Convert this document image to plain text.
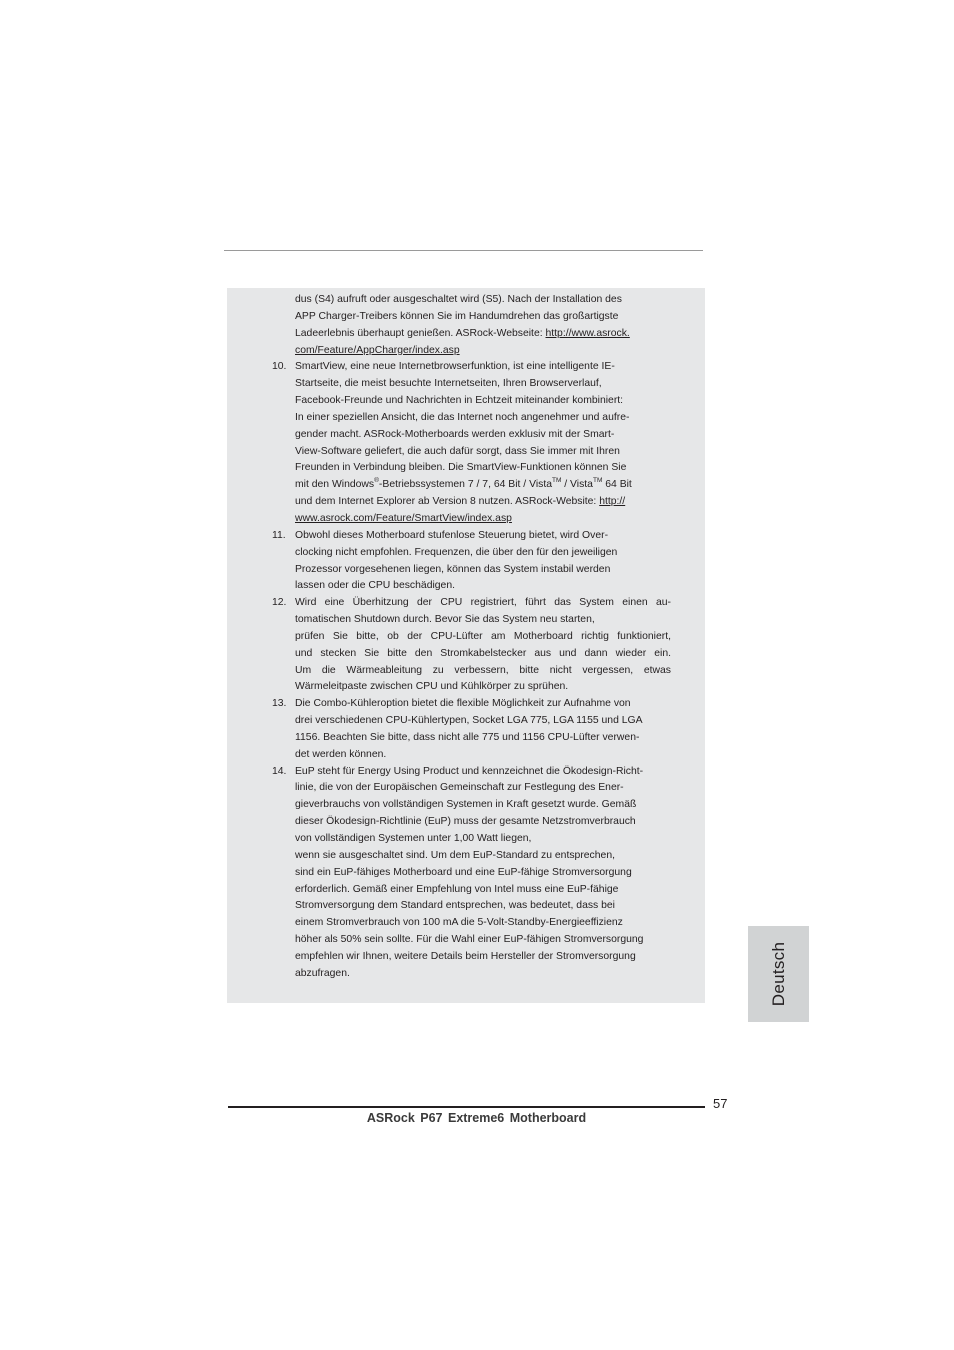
dus (S4) aufruft oder ausgeschaltet wird (S5). Nach der Installation des
APP Charger-Treibers können Sie im Handumdrehen das großartigste
Ladeerlebnis überhaupt genießen. ASRock-Webseite: http://www.asrock.
com/Feature/AppCharger/index.asp
10. SmartView, eine neue Internetbrowserfunktion, ist eine intelligente IE-
Startseite, die meist besuchte Internetseiten, Ihren Browserverlauf,
Facebook-Freunde und Nachrichten in Echtzeit miteinander kombiniert:
In einer speziellen Ansicht, die das Internet noch angenehmer und aufre-
gender macht. ASRock-Motherboards werden exklusiv mit der Smart-
View-Software geliefert, die auch dafür sorgt, dass Sie immer mit Ihren
Freunden in Verbindung bleiben. Die SmartView-Funktionen können Sie
mit den Windows®-Betriebssystemen 7 / 7, 64 Bit / Vista™ / Vista™ 64 Bit
und dem Internet Explorer ab Version 8 nutzen. ASRock-Website: http://
www.asrock.com/Feature/SmartView/index.asp
11. Obwohl dieses Motherboard stufenlose Steuerung bietet, wird Over-
clocking nicht empfohlen. Frequenzen, die über den für den jeweiligen
Prozessor vorgesehenen liegen, können das System instabil werden
lassen oder die CPU beschädigen.
12. Wird eine Überhitzung der CPU registriert, führt das System einen au-
tomatischen Shutdown durch. Bevor Sie das System neu starten,
prüfen Sie bitte, ob der CPU-Lüfter am Motherboard richtig funktioniert,
und stecken Sie bitte den Stromkabelstecker aus und dann wieder ein.
Um die Wärmeableitung zu verbessern, bitte nicht vergessen, etwas
Wärmeleitpaste zwischen CPU und Kühlkörper zu sprühen.
13. Die Combo-Kühleroption bietet die flexible Möglichkeit zur Aufnahme von
drei verschiedenen CPU-Kühlertypen, Socket LGA 775, LGA 1155 und LGA
1156. Beachten Sie bitte, dass nicht alle 775 und 1156 CPU-Lüfter verwen-
det werden können.
14. EuP steht für Energy Using Product und kennzeichnet die Ökodesign-Richt-
linie, die von der Europäischen Gemeinschaft zur Festlegung des Ener-
gieverbrauchs von vollständigen Systemen in Kraft gesetzt wurde. Gemäß
dieser Ökodesign-Richtlinie (EuP) muss der gesamte Netzstromverbrauch
von vollständigen Systemen unter 1,00 Watt liegen,
wenn sie ausgeschaltet sind. Um dem EuP-Standard zu entsprechen,
sind ein EuP-fähiges Motherboard und eine EuP-fähige Stromversorgung
erforderlich. Gemäß einer Empfehlung von Intel muss eine EuP-fähige
Stromversorgung dem Standard entsprechen, was bedeutet, dass bei
einem Stromverbrauch von 100 mA die 5-Volt-Standby-Energieeffizienz
höher als 50% sein sollte. Für die Wahl einer EuP-fähigen Stromversorgung
empfehlen wir Ihnen, weitere Details beim Hersteller der Stromversorgung
abzufragen.	Deutsch
57
ASRock P67 Extreme6 Motherboard
